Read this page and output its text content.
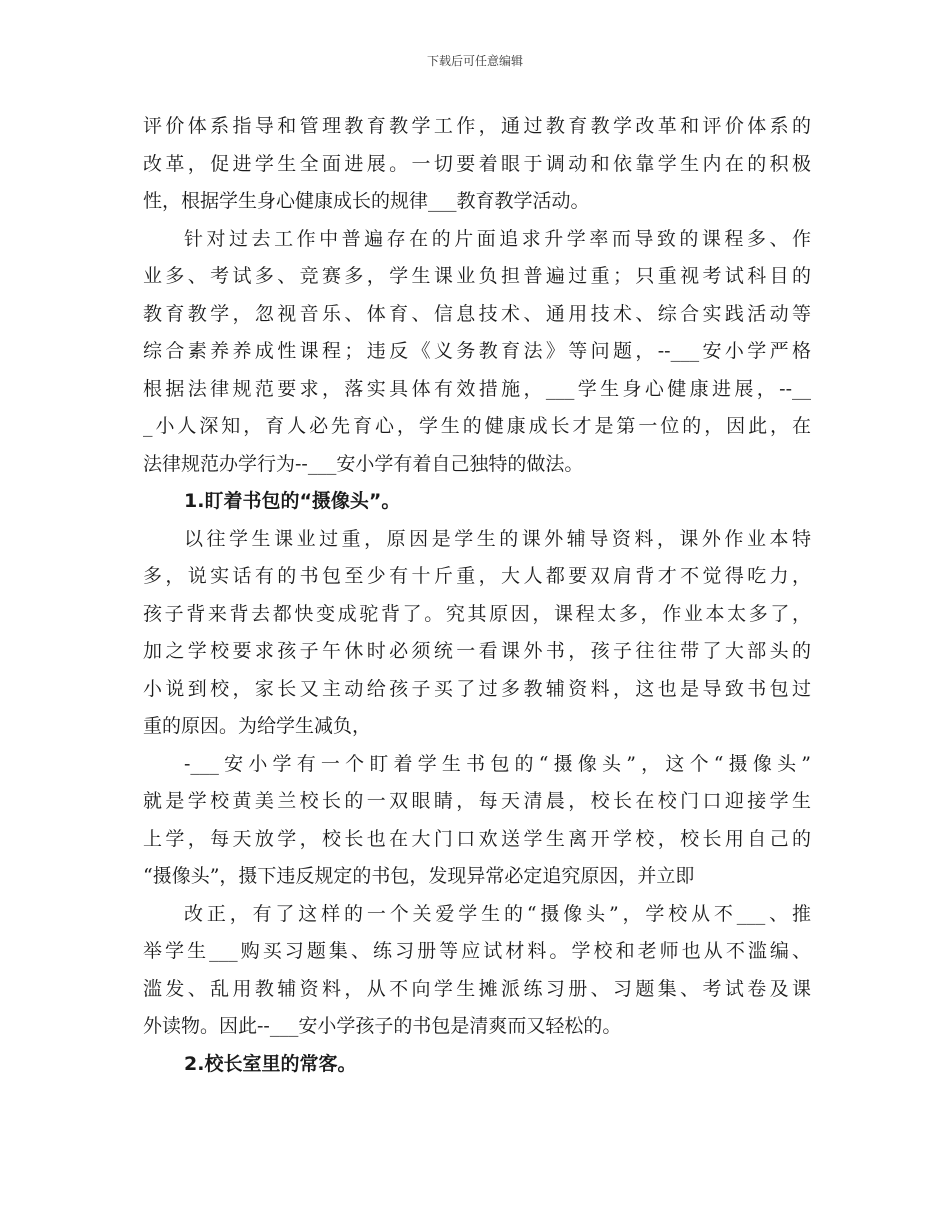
下载后可任意编辑
评价体系指导和管理教育教学工作，通过教育教学改革和评价体系的
改革，促进学生全面进展。一切要着眼于调动和依靠学生内在的积极
性，根据学生身心健康成长的规律___教育教学活动。
针对过去工作中普遍存在的片面追求升学率而导致的课程多、作
业多、考试多、竞赛多，学生课业负担普遍过重；只重视考试科目的
教育教学，忽视音乐、体育、信息技术、通用技术、综合实践活动等
综合素养养成性课程；违反《义务教育法》等问题，--___安小学严格
根据法律规范要求，落实具体有效措施，___学生身心健康进展，--__
_小人深知，育人必先育心，学生的健康成长才是第一位的，因此，在
法律规范办学行为--___安小学有着自己独特的做法。
1.盯着书包的“摄像头”。
以往学生课业过重，原因是学生的课外辅导资料，课外作业本特
多，说实话有的书包至少有十斤重，大人都要双肩背才不觉得吃力，
孩子背来背去都快变成驼背了。究其原因，课程太多，作业本太多了，
加之学校要求孩子午休时必须统一看课外书，孩子往往带了大部头的
小说到校，家长又主动给孩子买了过多教辅资料，这也是导致书包过
重的原因。为给学生减负，
-___安小学有一个盯着学生书包的“摄像头”，这个“摄像头”
就是学校黄美兰校长的一双眼睛，每天清晨，校长在校门口迎接学生
上学，每天放学，校长也在大门口欢送学生离开学校，校长用自己的
“摄像头”，摄下违反规定的书包，发现异常必定追究原因，并立即
改正，有了这样的一个关爱学生的“摄像头”，学校从不___、推
举学生___购买习题集、练习册等应试材料。学校和老师也从不滥编、
滥发、乱用教辅资料，从不向学生摊派练习册、习题集、考试卷及课
外读物。因此--___安小学孩子的书包是清爽而又轻松的。
2.校长室里的常客。
